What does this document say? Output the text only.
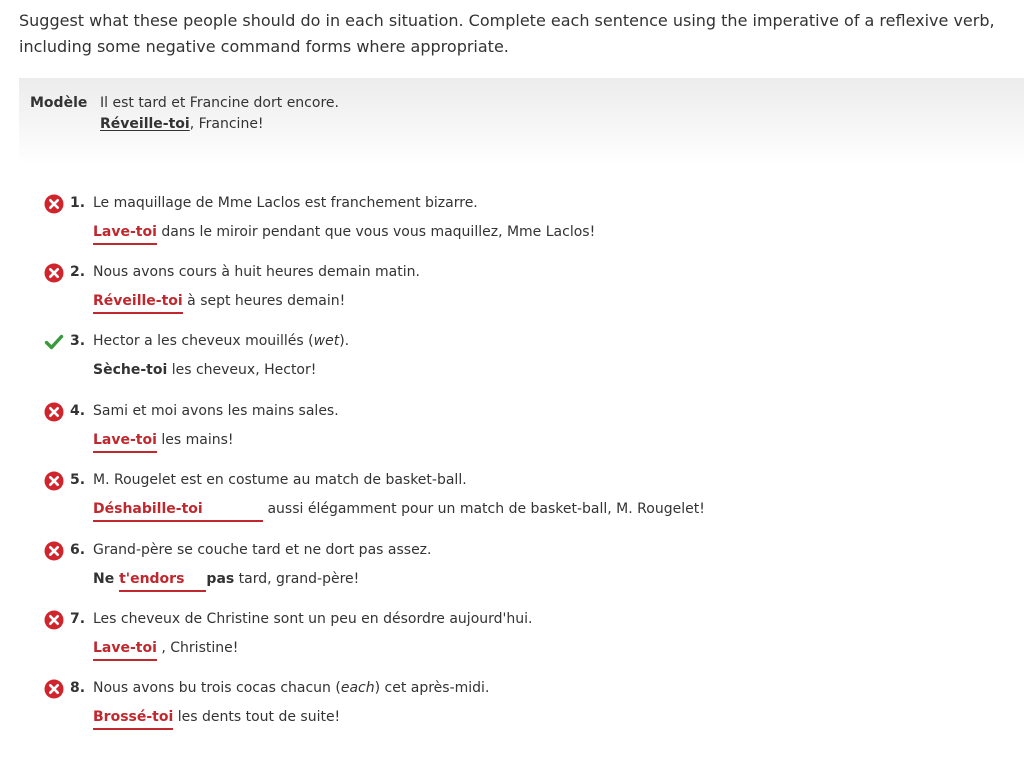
Suggest what these people should do in each situation. Complete each sentence using the imperative of a reflexive verb, including some negative command forms where appropriate.
Modèle Il est tard et Francine dort encore.
Réveille-toi, Francine!
1. Le maquillage de Mme Laclos est franchement bizarre.
Lave-toi dans le miroir pendant que vous vous maquillez, Mme Laclos!
2. Nous avons cours à huit heures demain matin.
Réveille-toi à sept heures demain!
3. Hector a les cheveux mouillés (wet).
Sèche-toi les cheveux, Hector!
4. Sami et moi avons les mains sales.
Lave-toi les mains!
5. M. Rougelet est en costume au match de basket-ball.
Déshabille-toi	aussi élégamment pour un match de basket-ball, M. Rougelet!
6. Grand-père se couche tard et ne dort pas assez.
Ne t'endors pas tard, grand-père!
7. Les cheveux de Christine sont un peu en désordre aujourd'hui.
Lave-toi , Christine!
8. Nous avons bu trois cocas chacun (each) cet après-midi.
Brossé-toi les dents tout de suite!
